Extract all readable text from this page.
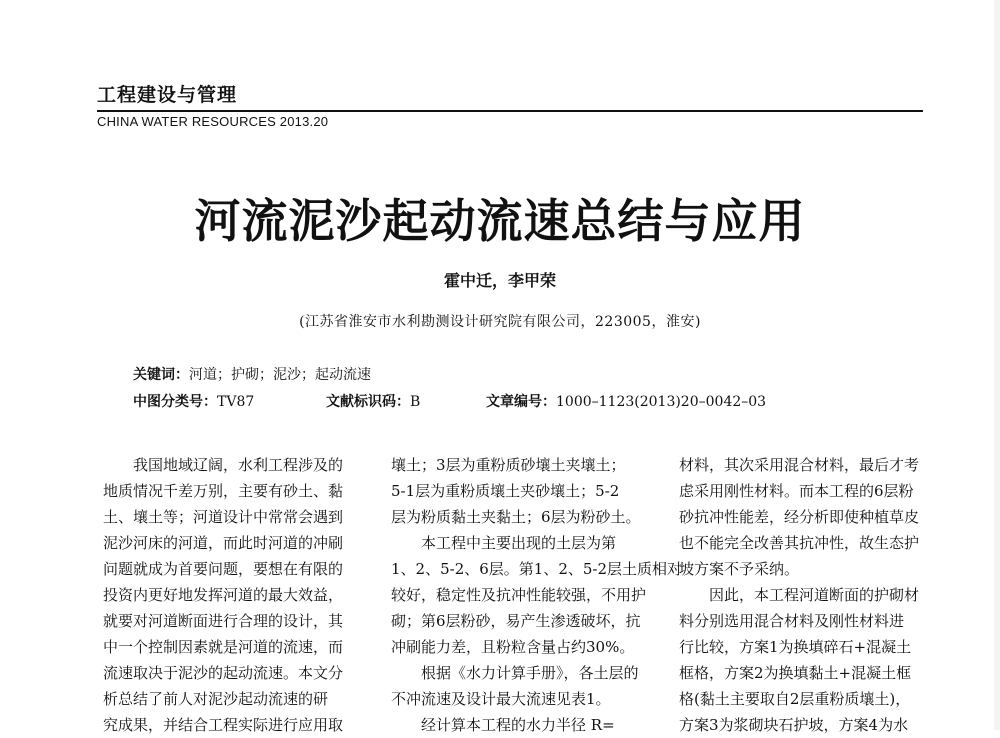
工程建设与管理
CHINA WATER RESOURCES 2013.20
河流泥沙起动流速总结与应用
霍中迁，李甲荣
(江苏省淮安市水利勘测设计研究院有限公司，223005，淮安)
关键词：河道；护砌；泥沙；起动流速
中图分类号：TV87	文献标识码：B	文章编号：1000–1123(2013)20–0042–03

　　我国地域辽阔，水利工程涉及的

地质情况千差万别，主要有砂土、黏

土、壤土等；河道设计中常常会遇到

泥沙河床的河道，而此时河道的冲刷

问题就成为首要问题，要想在有限的

投资内更好地发挥河道的最大效益，

就要对河道断面进行合理的设计，其

中一个控制因素就是河道的流速，而

流速取决于泥沙的起动流速。本文分

析总结了前人对泥沙起动流速的研

究成果，并结合工程实际进行应用取

壤土；3层为重粉质砂壤土夹壤土；

5-1层为重粉质壤土夹砂壤土；5-2

层为粉质黏土夹黏土；6层为粉砂土。

　　本工程中主要出现的土层为第

1、2、5-2、6层。第1、2、5-2层土质相对

较好，稳定性及抗冲性能较强，不用护

砌；第6层粉砂，易产生渗透破坏，抗

冲刷能力差，且粉粒含量占约30%。

　　根据《水力计算手册》，各土层的

不冲流速及设计最大流速见表1。

　　经计算本工程的水力半径 R=

材料，其次采用混合材料，最后才考

虑采用刚性材料。而本工程的6层粉

砂抗冲性能差，经分析即使种植草皮

也不能完全改善其抗冲性，故生态护

坡方案不予采纳。

　　因此，本工程河道断面的护砌材

料分别选用混合材料及刚性材料进

行比较，方案1为换填碎石+混凝土

框格，方案2为换填黏土+混凝土框

格(黏土主要取自2层重粉质壤土)，

方案3为浆砌块石护坡，方案4为水
